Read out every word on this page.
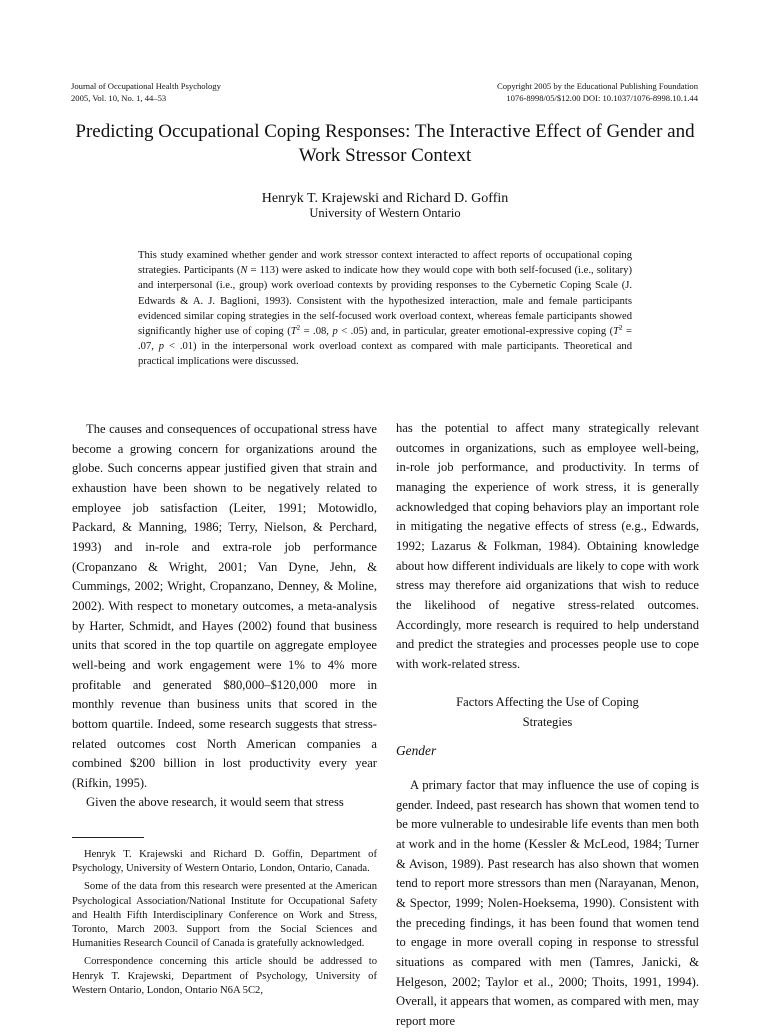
Journal of Occupational Health Psychology
2005, Vol. 10, No. 1, 44–53
Copyright 2005 by the Educational Publishing Foundation
1076-8998/05/$12.00 DOI: 10.1037/1076-8998.10.1.44
Predicting Occupational Coping Responses: The Interactive Effect of Gender and Work Stressor Context
Henryk T. Krajewski and Richard D. Goffin
University of Western Ontario

This study examined whether gender and work stressor context interacted to affect reports of occupational coping strategies. Participants (N = 113) were asked to indicate how they would cope with both self-focused (i.e., solitary) and interpersonal (i.e., group) work overload contexts by providing responses to the Cybernetic Coping Scale (J. Edwards & A. J. Baglioni, 1993). Consistent with the hypothesized interaction, male and female participants evidenced similar coping strategies in the self-focused work overload context, whereas female participants showed significantly higher use of coping ($T^2 = .08$, p < .05) and, in particular, greater emotional-expressive coping ($T^2 = .07$, p < .01) in the interpersonal work overload context as compared with male participants. Theoretical and practical implications were discussed.

The causes and consequences of occupational stress have become a growing concern for organizations around the globe. Such concerns appear justified given that strain and exhaustion have been shown to be negatively related to employee job satisfaction (Leiter, 1991; Motowidlo, Packard, & Manning, 1986; Terry, Nielson, & Perchard, 1993) and in-role and extra-role job performance (Cropanzano & Wright, 2001; Van Dyne, Jehn, & Cummings, 2002; Wright, Cropanzano, Denney, & Moline, 2002). With respect to monetary outcomes, a meta-analysis by Harter, Schmidt, and Hayes (2002) found that business units that scored in the top quartile on aggregate employee well-being and work engagement were 1% to 4% more profitable and generated $80,000–$120,000 more in monthly revenue than business units that scored in the bottom quartile. Indeed, some research suggests that stress-related outcomes cost North American companies a combined $200 billion in lost productivity every year (Rifkin, 1995).

Given the above research, it would seem that stress

has the potential to affect many strategically relevant outcomes in organizations, such as employee well-being, in-role job performance, and productivity. In terms of managing the experience of work stress, it is generally acknowledged that coping behaviors play an important role in mitigating the negative effects of stress (e.g., Edwards, 1992; Lazarus & Folkman, 1984). Obtaining knowledge about how different individuals are likely to cope with work stress may therefore aid organizations that wish to reduce the likelihood of negative stress-related outcomes. Accordingly, more research is required to help understand and predict the strategies and processes people use to cope with work-related stress.

Factors Affecting the Use of Coping
Strategies
Gender

A primary factor that may influence the use of coping is gender. Indeed, past research has shown that women tend to be more vulnerable to undesirable life events than men both at work and in the home (Kessler & McLeod, 1984; Turner & Avison, 1989). Past research has also shown that women tend to report more stressors than men (Narayanan, Menon, & Spector, 1999; Nolen-Hoeksema, 1990). Consistent with the preceding findings, it has been found that women tend to engage in more overall coping in response to stressful situations as compared with men (Tamres, Janicki, & Helgeson, 2002; Taylor et al., 2000; Thoits, 1991, 1994). Overall, it appears that women, as compared with men, may report more

Henryk T. Krajewski and Richard D. Goffin, Department of Psychology, University of Western Ontario, London, Ontario, Canada.

Some of the data from this research were presented at the American Psychological Association/National Institute for Occupational Safety and Health Fifth Interdisciplinary Conference on Work and Stress, Toronto, March 2003. Support from the Social Sciences and Humanities Research Council of Canada is gratefully acknowledged.

Correspondence concerning this article should be addressed to Henryk T. Krajewski, Department of Psychology, University of Western Ontario, London, Ontario N6A 5C2,
